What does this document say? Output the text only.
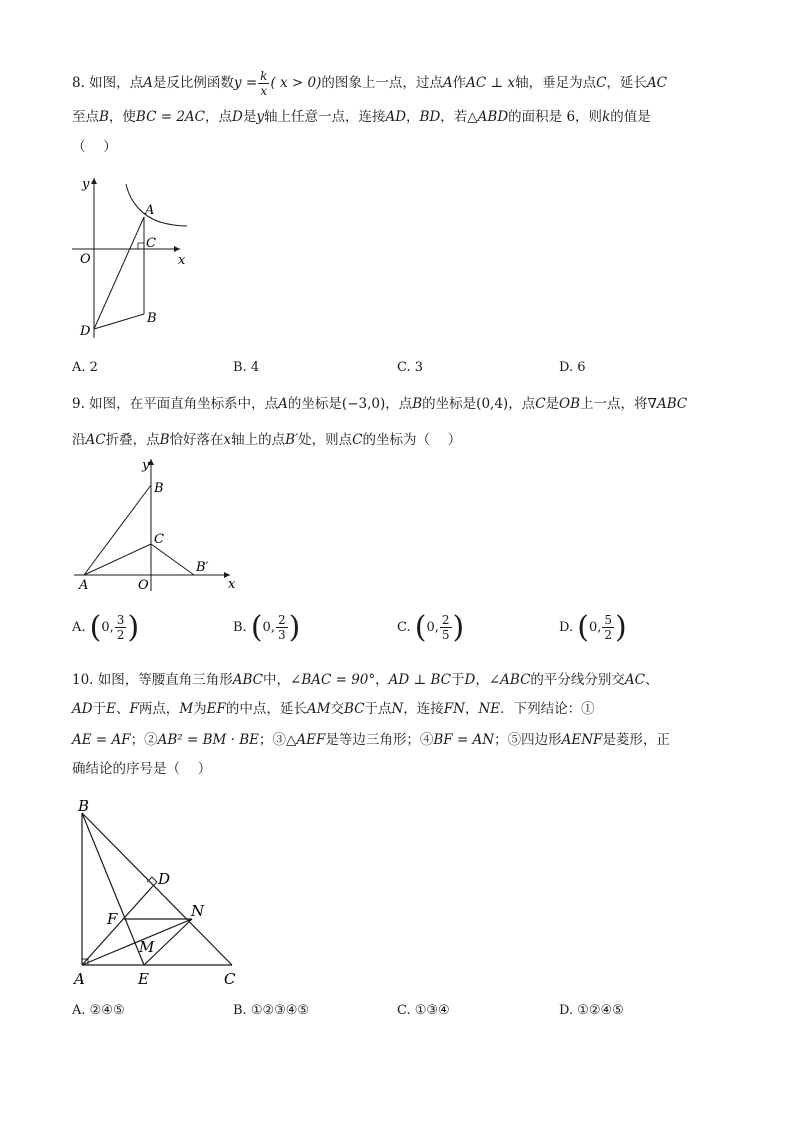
8. 如图，点A是反比例函数$y = \frac{k}{x}$ ( x > 0)的图象上一点，过点A作AC ⊥ x轴，垂足为点C，延长AC
至点B，使BC = 2AC，点D是y轴上任意一点，连接AD，BD，若△ABD的面积是 6，则k的值是
（　 ）
y
x
O
A
C
D
B
A. 2	B. 4	C. 3	D. 6
9. 如图，在平面直角坐标系中，点A的坐标是(−3,0)，点B的坐标是(0,4)，点C是OB上一点，将∇ABC
沿AC折叠，点B恰好落在x轴上的点B′处，则点C的坐标为（　 ）
y
x
O
A
B
C
B′
A. (0, $\frac{3}{2}$ )	B. (0, $\frac{2}{3}$ )	C. (0, $\frac{2}{5}$ )	D. (0, $\frac{5}{2}$ )
10. 如图，等腰直角三角形ABC中，∠BAC = 90°，AD ⊥ BC于D，∠ABC的平分线分别交AC、
AD于E、F两点，M为EF的中点，延长AM交BC于点N，连接FN，NE．下列结论：①
AE = AF；②AB² = BM · BE；③△AEF是等边三角形；④BF = AN；⑤四边形AENF是菱形，正
确结论的序号是（　 ）
B
D
F	N
M
A	E	C
A. ②④⑤	B. ①②③④⑤	C. ①③④	D. ①②④⑤
